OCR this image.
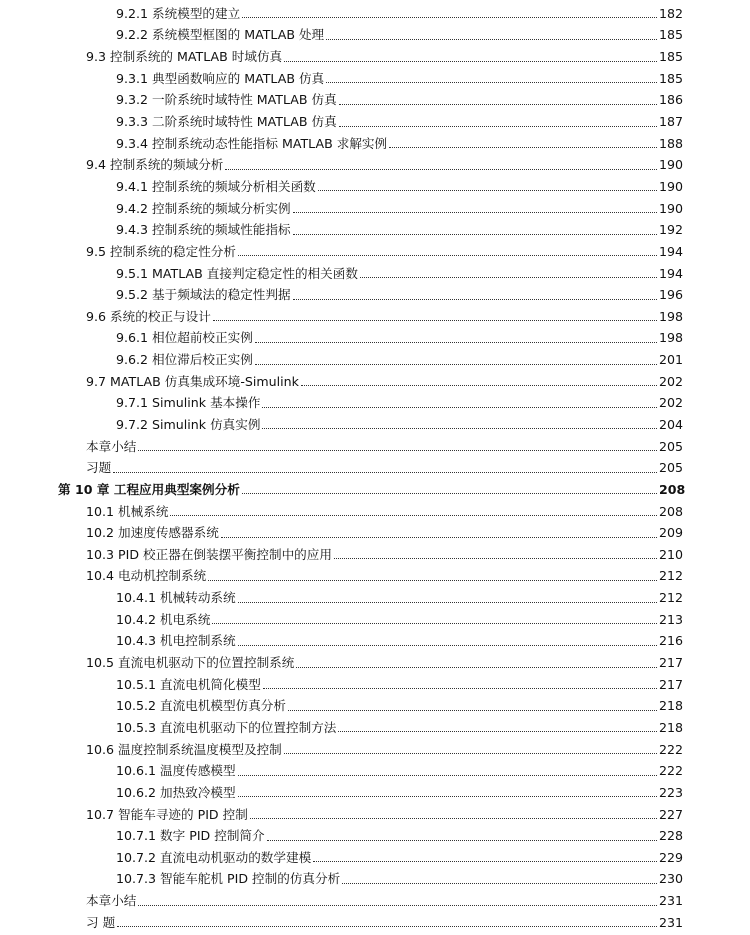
9.2.1 系统模型的建立	182
9.2.2 系统模型框图的 MATLAB 处理	185
9.3 控制系统的 MATLAB 时域仿真	185
9.3.1 典型函数响应的 MATLAB 仿真	185
9.3.2 一阶系统时域特性 MATLAB 仿真	186
9.3.3 二阶系统时域特性 MATLAB 仿真	187
9.3.4 控制系统动态性能指标 MATLAB 求解实例	188
9.4 控制系统的频域分析	190
9.4.1 控制系统的频域分析相关函数	190
9.4.2 控制系统的频域分析实例	190
9.4.3 控制系统的频域性能指标	192
9.5 控制系统的稳定性分析	194
9.5.1 MATLAB 直接判定稳定性的相关函数	194
9.5.2 基于频域法的稳定性判据	196
9.6 系统的校正与设计	198
9.6.1 相位超前校正实例	198
9.6.2 相位滞后校正实例	201
9.7 MATLAB 仿真集成环境-Simulink	202
9.7.1 Simulink 基本操作	202
9.7.2 Simulink 仿真实例	204
本章小结	205
习题	205
第 10 章 工程应用典型案例分析	208
10.1 机械系统	208
10.2 加速度传感器系统	209
10.3 PID 校正器在倒装摆平衡控制中的应用	210
10.4 电动机控制系统	212
10.4.1 机械转动系统	212
10.4.2 机电系统	213
10.4.3 机电控制系统	216
10.5 直流电机驱动下的位置控制系统	217
10.5.1 直流电机简化模型	217
10.5.2 直流电机模型仿真分析	218
10.5.3 直流电机驱动下的位置控制方法	218
10.6 温度控制系统温度模型及控制	222
10.6.1 温度传感模型	222
10.6.2 加热致冷模型	223
10.7 智能车寻迹的 PID 控制	227
10.7.1 数字 PID 控制简介	228
10.7.2 直流电动机驱动的数学建模	229
10.7.3 智能车舵机 PID 控制的仿真分析	230
本章小结	231
习 题	231
